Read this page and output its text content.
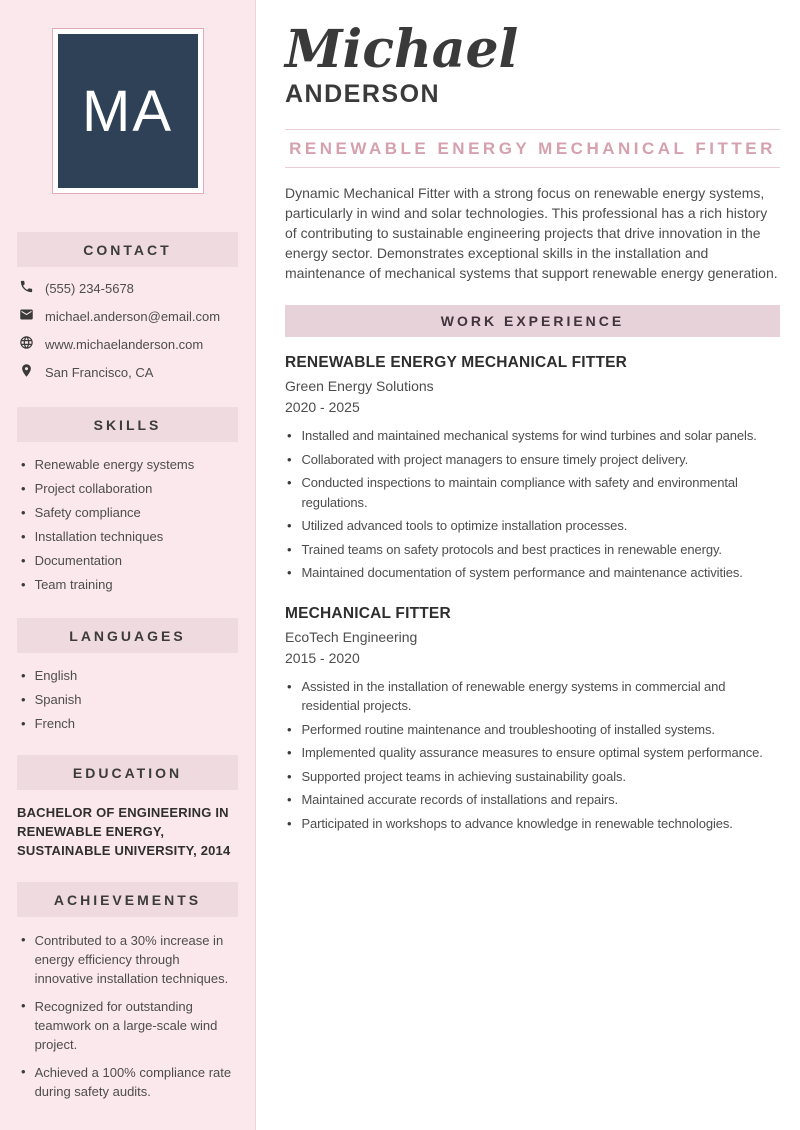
MA
CONTACT
(555) 234-5678
michael.anderson@email.com
www.michaelanderson.com
San Francisco, CA
SKILLS
• Renewable energy systems
• Project collaboration
• Safety compliance
• Installation techniques
• Documentation
• Team training
LANGUAGES
• English
• Spanish
• French
EDUCATION
BACHELOR OF ENGINEERING IN RENEWABLE ENERGY, SUSTAINABLE UNIVERSITY, 2014
ACHIEVEMENTS
• Contributed to a 30% increase in energy efficiency through innovative installation techniques.
• Recognized for outstanding teamwork on a large-scale wind project.
• Achieved a 100% compliance rate during safety audits.
Michael
ANDERSON
RENEWABLE ENERGY MECHANICAL FITTER

Dynamic Mechanical Fitter with a strong focus on renewable energy systems, particularly in wind and solar technologies. This professional has a rich history of contributing to sustainable engineering projects that drive innovation in the energy sector. Demonstrates exceptional skills in the installation and maintenance of mechanical systems that support renewable energy generation.

WORK EXPERIENCE
RENEWABLE ENERGY MECHANICAL FITTER
Green Energy Solutions
2020 - 2025
• Installed and maintained mechanical systems for wind turbines and solar panels.
• Collaborated with project managers to ensure timely project delivery.
• Conducted inspections to maintain compliance with safety and environmental regulations.
• Utilized advanced tools to optimize installation processes.
• Trained teams on safety protocols and best practices in renewable energy.
• Maintained documentation of system performance and maintenance activities.
MECHANICAL FITTER
EcoTech Engineering
2015 - 2020
• Assisted in the installation of renewable energy systems in commercial and residential projects.
• Performed routine maintenance and troubleshooting of installed systems.
• Implemented quality assurance measures to ensure optimal system performance.
• Supported project teams in achieving sustainability goals.
• Maintained accurate records of installations and repairs.
• Participated in workshops to advance knowledge in renewable technologies.
